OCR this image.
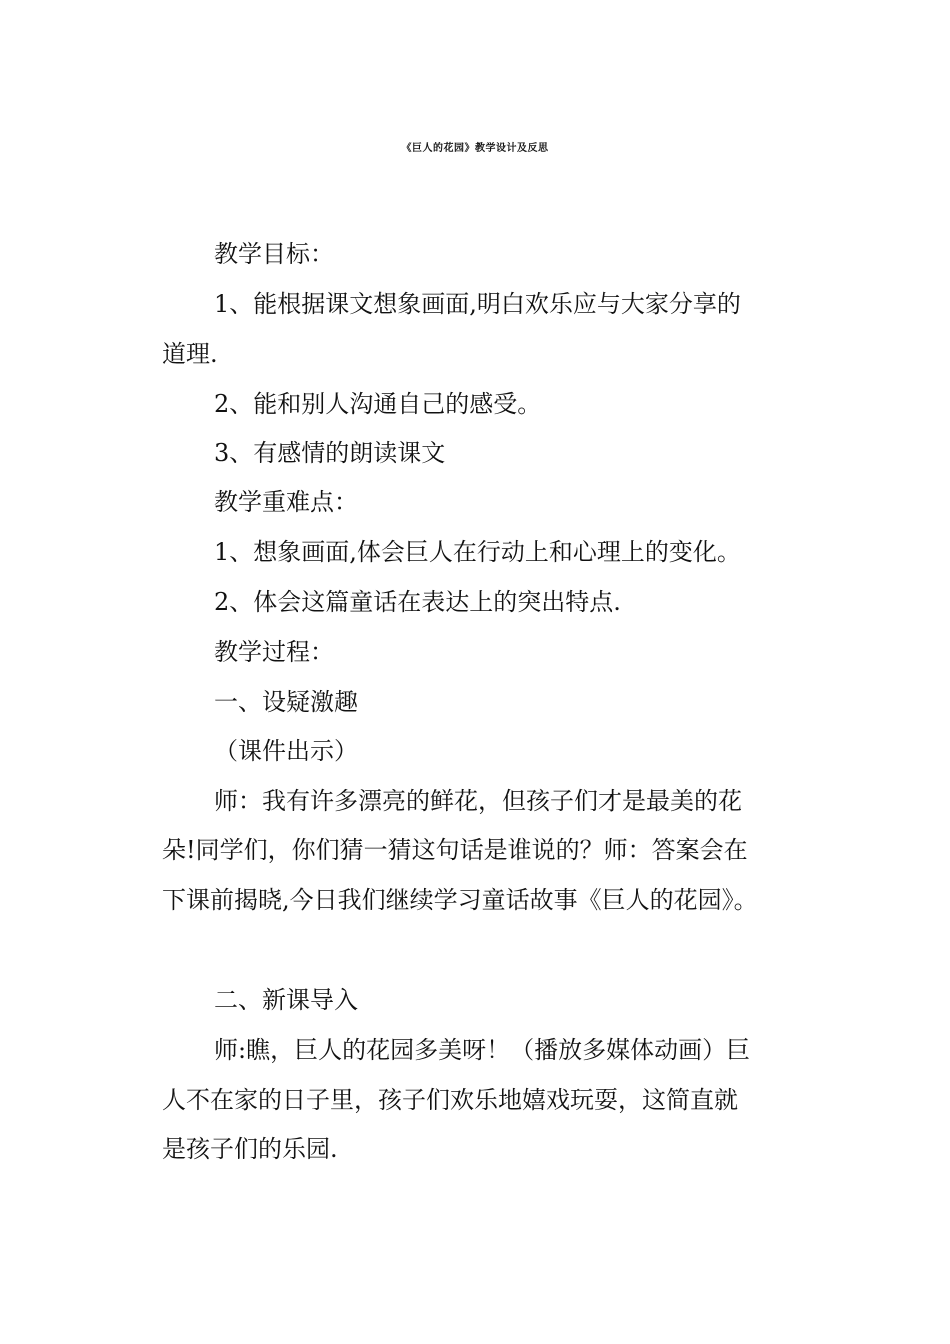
《巨人的花园》教学设计及反思
教学目标：
1、能根据课文想象画面,明白欢乐应与大家分享的
道理.
2、能和别人沟通自己的感受。
3、有感情的朗读课文
教学重难点：
1、想象画面,体会巨人在行动上和心理上的变化。
2、体会这篇童话在表达上的突出特点.
教学过程：
一、设疑激趣
（课件出示）
师：我有许多漂亮的鲜花，但孩子们才是最美的花
朵!同学们，你们猜一猜这句话是谁说的？师：答案会在
下课前揭晓,今日我们继续学习童话故事《巨人的花园》。
二、新课导入
师:瞧，巨人的花园多美呀！（播放多媒体动画）巨
人不在家的日子里，孩子们欢乐地嬉戏玩耍，这简直就
是孩子们的乐园.
